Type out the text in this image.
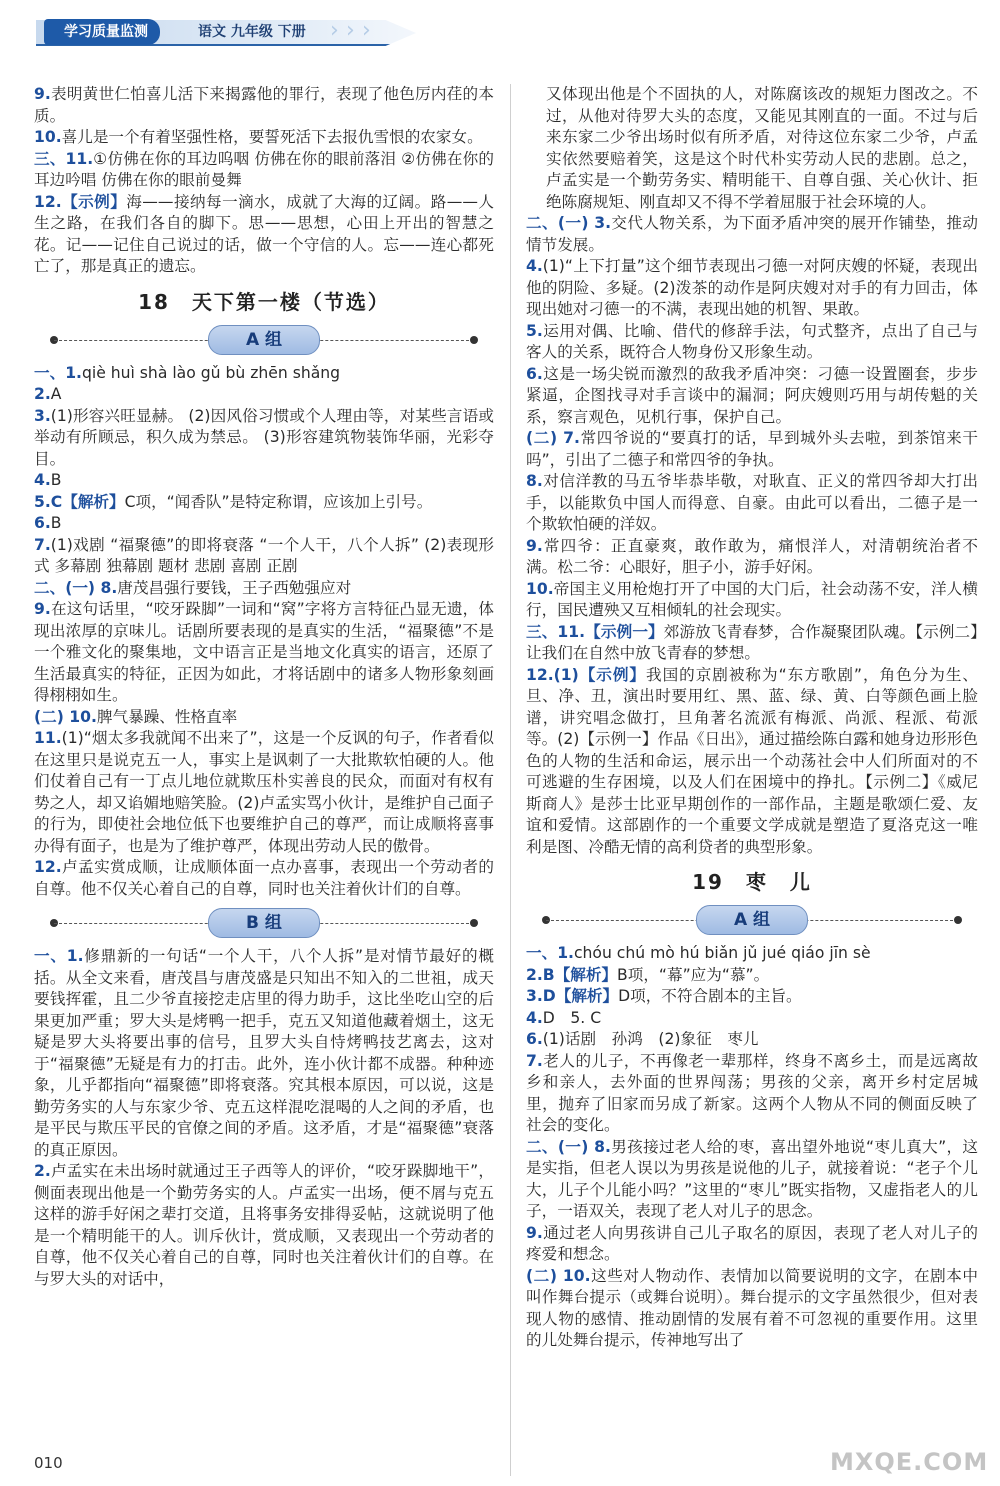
学习质量监测	语文 九年级 下册 › › ›

9.表明黄世仁怕喜儿活下来揭露他的罪行，表现了他色厉内荏的本质。

10.喜儿是一个有着坚强性格，要誓死活下去报仇雪恨的农家女。

三、11.①仿佛在你的耳边呜咽 仿佛在你的眼前落泪 ②仿佛在你的耳边吟唱 仿佛在你的眼前曼舞

12.【示例】海——接纳每一滴水，成就了大海的辽阔。路——人生之路，在我们各自的脚下。思——思想，心田上开出的智慧之花。记——记住自己说过的话，做一个守信的人。忘——连心都死亡了，那是真正的遗忘。

18　天下第一楼（节选）
A 组

一、1.qiè huì shà lào gǔ bù zhēn shǎng

2.A

3.(1)形容兴旺显赫。 (2)因风俗习惯或个人理由等，对某些言语或举动有所顾忌，积久成为禁忌。 (3)形容建筑物装饰华丽，光彩夺目。

4.B

5.C【解析】C项，“闻香队”是特定称谓，应该加上引号。

6.B

7.(1)戏剧 “福聚德”的即将衰落 “一个人干，八个人拆” (2)表现形式 多幕剧 独幕剧 题材 悲剧 喜剧 正剧

二、(一) 8.唐茂昌强行要钱，王子西勉强应对

9.在这句话里，“咬牙跺脚”一词和“窝”字将方言特征凸显无遗，体现出浓厚的京味儿。话剧所要表现的是真实的生活，“福聚德”不是一个雅文化的聚集地，文中语言正是当地文化真实的语言，还原了生活最真实的特征，正因为如此，才将话剧中的诸多人物形象刻画得栩栩如生。

(二) 10.脾气暴躁、性格直率

11.(1)“烟太多我就闻不出来了”，这是一个反讽的句子，作者看似在这里只是说克五一人，事实上是讽刺了一大批欺软怕硬的人。他们仗着自己有一丁点儿地位就欺压朴实善良的民众，而面对有权有势之人，却又谄媚地赔笑脸。(2)卢孟实骂小伙计，是维护自己面子的行为，即使社会地位低下也要维护自己的尊严，而让成顺将喜事办得有面子，也是为了维护尊严，体现出劳动人民的傲骨。

12.卢孟实赏成顺，让成顺体面一点办喜事，表现出一个劳动者的自尊。他不仅关心着自己的自尊，同时也关注着伙计们的自尊。

B 组

一、1.修鼎新的一句话“一个人干，八个人拆”是对情节最好的概括。从全文来看，唐茂昌与唐茂盛是只知出不知入的二世祖，成天要钱挥霍，且二少爷直接挖走店里的得力助手，这比坐吃山空的后果更加严重；罗大头是烤鸭一把手，克五又知道他藏着烟土，这无疑是罗大头将要出事的信号，且罗大头自恃烤鸭技艺离去，这对于“福聚德”无疑是有力的打击。此外，连小伙计都不成器。种种迹象，儿乎都指向“福聚德”即将衰落。究其根本原因，可以说，这是勤劳务实的人与东家少爷、克五这样混吃混喝的人之间的矛盾，也是平民与欺压平民的官僚之间的矛盾。这矛盾，才是“福聚德”衰落的真正原因。

2.卢孟实在未出场时就通过王子西等人的评价，“咬牙跺脚地干”，侧面表现出他是一个勤劳务实的人。卢孟实一出场，便不屑与克五这样的游手好闲之辈打交道，且将事务安排得妥帖，这就说明了他是一个精明能干的人。训斥伙计，赏成顺，又表现出一个劳动者的自尊，他不仅关心着自己的自尊，同时也关注着伙计们的自尊。在与罗大头的对话中，

又体现出他是个不固执的人，对陈腐该改的规矩力图改之。不过，从他对待罗大头的态度，又能见其刚直的一面。不过与后来东家二少爷出场时似有所矛盾，对待这位东家二少爷，卢孟实依然要赔着笑，这是这个时代朴实劳动人民的悲剧。总之，卢孟实是一个勤劳务实、精明能干、自尊自强、关心伙计、拒绝陈腐规矩、刚直却又不得不学着屈服于社会环境的人。

二、(一) 3.交代人物关系，为下面矛盾冲突的展开作铺垫，推动情节发展。

4.(1)“上下打量”这个细节表现出刁德一对阿庆嫂的怀疑，表现出他的阴险、多疑。(2)泼茶的动作是阿庆嫂对对手的有力回击，体现出她对刁德一的不满，表现出她的机智、果敢。

5.运用对偶、比喻、借代的修辞手法，句式整齐，点出了自己与客人的关系，既符合人物身份又形象生动。

6.这是一场尖锐而激烈的敌我矛盾冲突：刁德一设置圈套，步步紧逼，企图找寻对手言谈中的漏洞；阿庆嫂则巧用与胡传魁的关系，察言观色，见机行事，保护自己。

(二) 7.常四爷说的“要真打的话，早到城外头去啦，到茶馆来干吗”，引出了二德子和常四爷的争执。

8.对信洋教的马五爷毕恭毕敬，对耿直、正义的常四爷却大打出手，以能欺负中国人而得意、自豪。由此可以看出，二德子是一个欺软怕硬的洋奴。

9.常四爷：正直豪爽，敢作敢为，痛恨洋人，对清朝统治者不满。松二爷：心眼好，胆子小，游手好闲。

10.帝国主义用枪炮打开了中国的大门后，社会动荡不安，洋人横行，国民遭殃又互相倾轧的社会现实。

三、11.【示例一】郊游放飞青春梦，合作凝聚团队魂。【示例二】让我们在自然中放飞青春的梦想。

12.(1)【示例】我国的京剧被称为“东方歌剧”，角色分为生、旦、净、丑，演出时要用红、黑、蓝、绿、黄、白等颜色画上脸谱，讲究唱念做打，旦角著名流派有梅派、尚派、程派、荀派等。(2)【示例一】作品《日出》，通过描绘陈白露和她身边形形色色的人物的生活和命运，展示出一个动荡社会中人们所面对的不可逃避的生存困境，以及人们在困境中的挣扎。【示例二】《威尼斯商人》是莎士比亚早期创作的一部作品，主题是歌颂仁爱、友谊和爱情。这部剧作的一个重要文学成就是塑造了夏洛克这一唯利是图、冷酷无情的高利贷者的典型形象。

19　枣　儿
A 组

一、1.chóu chú mò hú biǎn jǔ jué qiáo jīn sè

2.B【解析】B项，“幕”应为“慕”。

3.D【解析】D项，不符合剧本的主旨。

4.D　5. C

6.(1)话剧　孙鸿　(2)象征　枣儿

7.老人的儿子，不再像老一辈那样，终身不离乡土，而是远离故乡和亲人，去外面的世界闯荡；男孩的父亲，离开乡村定居城里，抛弃了旧家而另成了新家。这两个人物从不同的侧面反映了社会的变化。

二、(一) 8.男孩接过老人给的枣，喜出望外地说“枣儿真大”，这是实指，但老人误以为男孩是说他的儿子，就接着说：“老子个儿大，儿子个儿能小吗？”这里的“枣儿”既实指物，又虚指老人的儿子，一语双关，表现了老人对儿子的思念。

9.通过老人向男孩讲自己儿子取名的原因，表现了老人对儿子的疼爱和想念。

(二) 10.这些对人物动作、表情加以简要说明的文字，在剧本中叫作舞台提示（或舞台说明）。舞台提示的文字虽然很少，但对表现人物的感情、推动剧情的发展有着不可忽视的重要作用。这里的儿处舞台提示，传神地写出了

010	MXQE.COM
